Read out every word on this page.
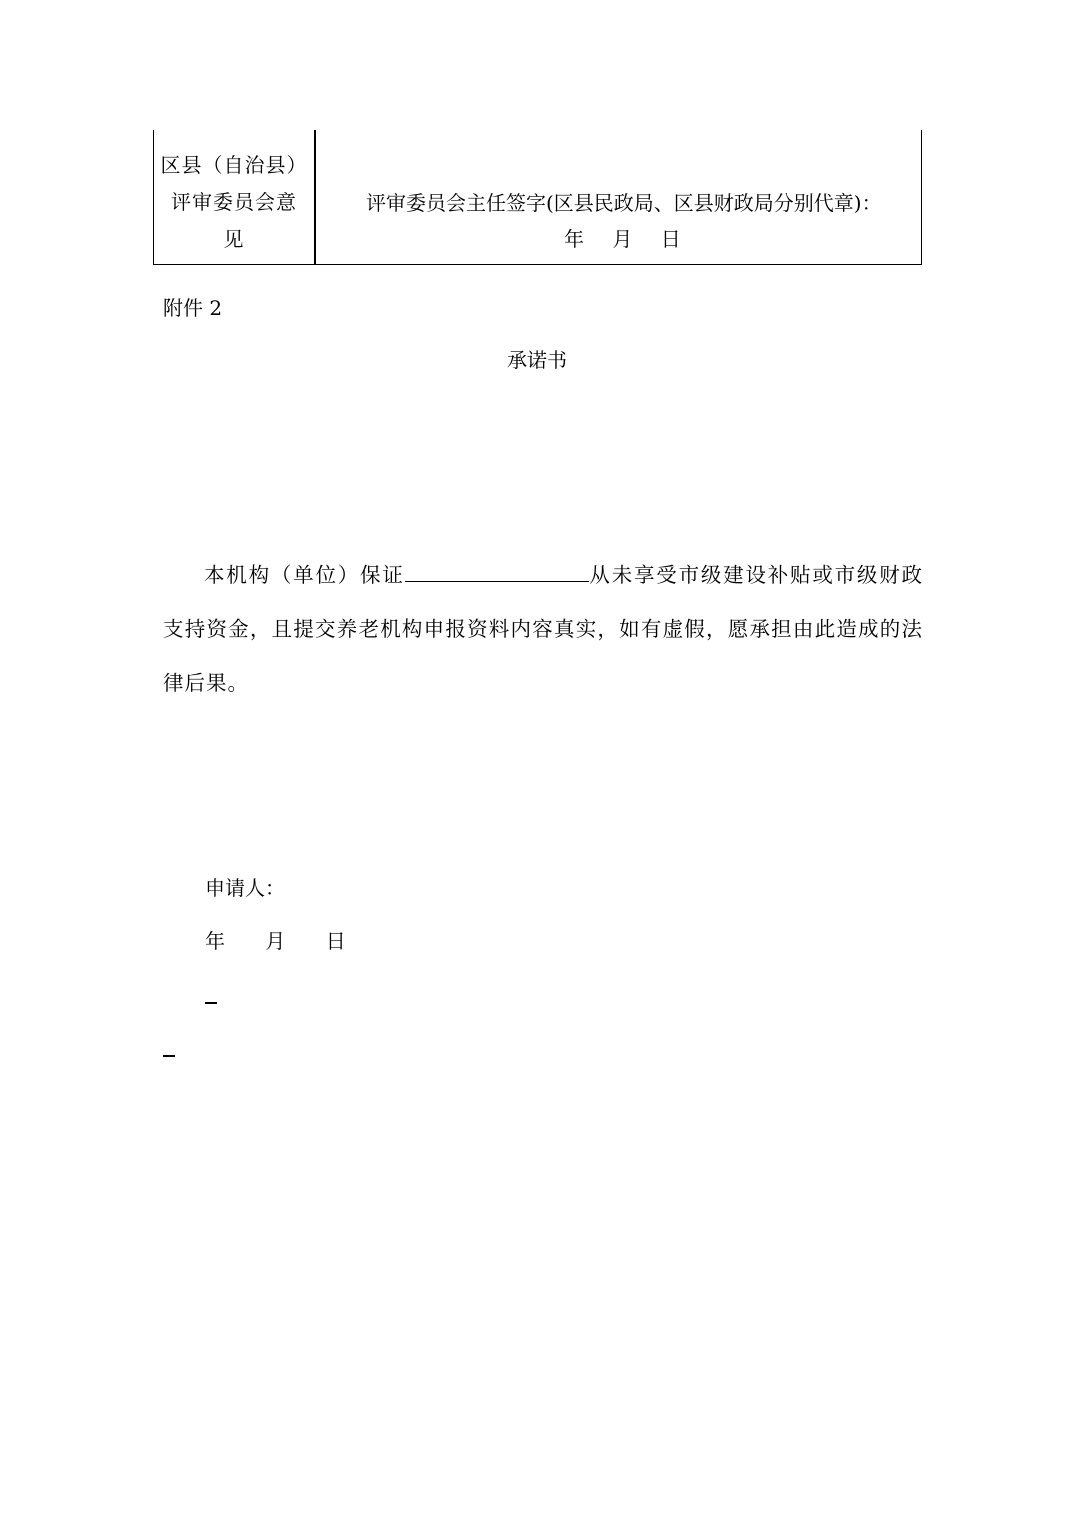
区县（自治县）
评审委员会意
见
评审委员会主任签字(区县民政局、区县财政局分别代章)：
年 月 日
附件 2
承诺书
本机构（单位）保证	从未享受市级建设补贴或市级财政支持资金，且提交养老机构申报资料内容真实，如有虚假，愿承担由此造成的法律后果。
申请人：
年 月 日
